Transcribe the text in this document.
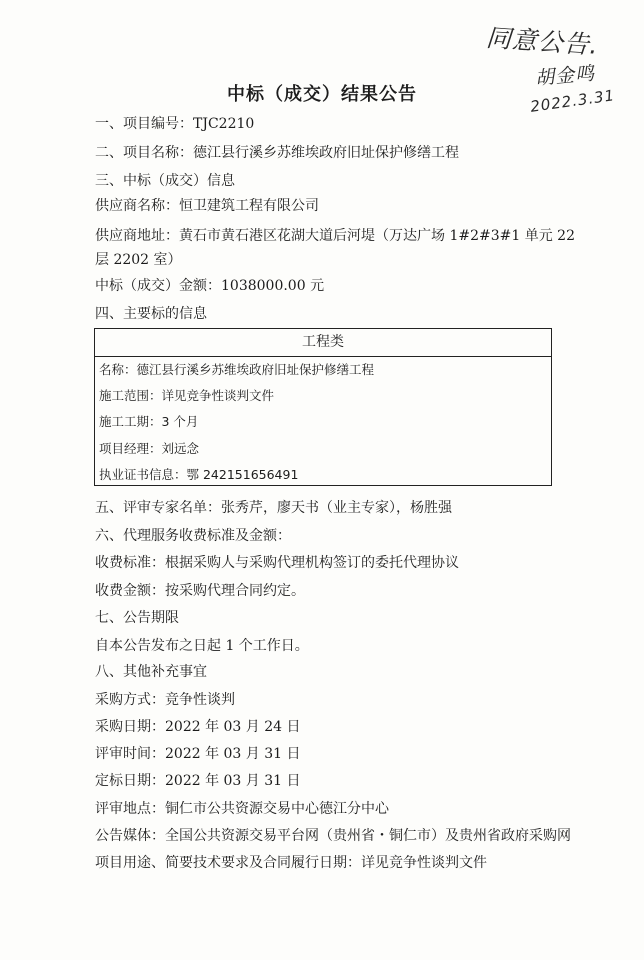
同意公告.
胡金鸣
2022.3.31
中标（成交）结果公告
一、项目编号：TJC2210
二、项目名称：德江县行溪乡苏维埃政府旧址保护修缮工程
三、中标（成交）信息
供应商名称：恒卫建筑工程有限公司
供应商地址：黄石市黄石港区花湖大道后河堤（万达广场 1#2#3#1 单元 22 层 2202 室）
中标（成交）金额：1038000.00 元
四、主要标的信息
工程类
名称：德江县行溪乡苏维埃政府旧址保护修缮工程
施工范围：详见竞争性谈判文件
施工工期：3 个月
项目经理：刘远念
执业证书信息：鄂 242151656491
五、评审专家名单：张秀芹，廖天书（业主专家），杨胜强
六、代理服务收费标准及金额：
收费标准：根据采购人与采购代理机构签订的委托代理协议
收费金额：按采购代理合同约定。
七、公告期限
自本公告发布之日起 1 个工作日。
八、其他补充事宜
采购方式：竞争性谈判
采购日期：2022 年 03 月 24 日
评审时间：2022 年 03 月 31 日
定标日期：2022 年 03 月 31 日
评审地点：铜仁市公共资源交易中心德江分中心
公告媒体：全国公共资源交易平台网（贵州省・铜仁市）及贵州省政府采购网
项目用途、简要技术要求及合同履行日期：详见竞争性谈判文件
